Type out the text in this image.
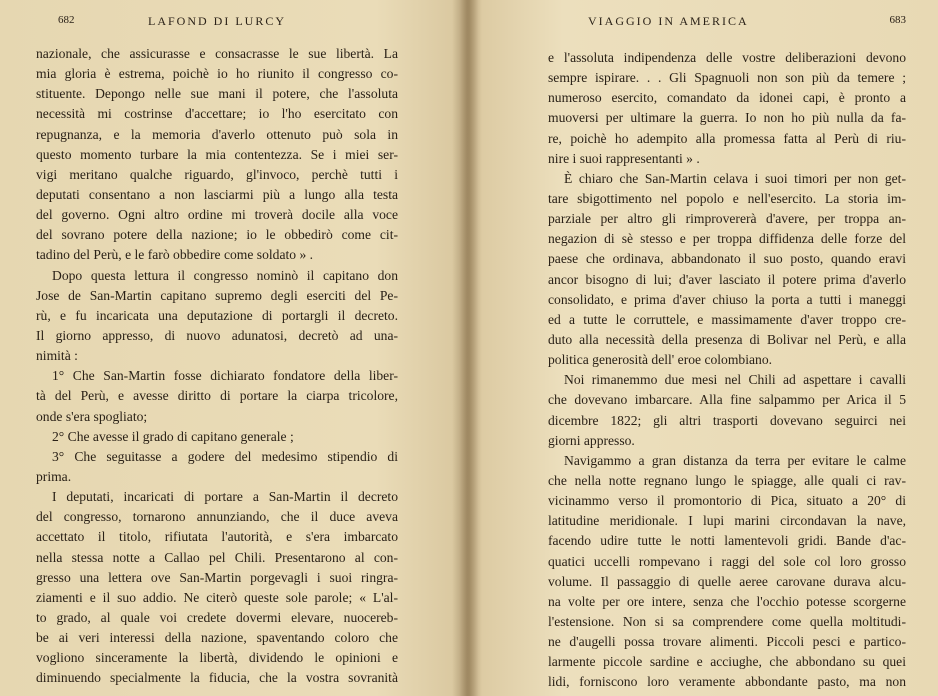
682	LAFOND DI LURCY
nazionale, che assicurasse e consacrasse le sue libertà. La
mia gloria è estrema, poichè io ho riunito il congresso co-
stituente. Depongo nelle sue mani il potere, che l'assoluta
necessità mi costrinse d'accettare; io l'ho esercitato con
repugnanza, e la memoria d'averlo ottenuto può sola in
questo momento turbare la mia contentezza. Se i miei ser-
vigi meritano qualche riguardo, gl'invoco, perchè tutti i
deputati consentano a non lasciarmi più a lungo alla testa
del governo. Ogni altro ordine mi troverà docile alla voce
del sovrano potere della nazione; io le obbedirò come cit-
tadino del Perù, e le farò obbedire come soldato » .
Dopo questa lettura il congresso nominò il capitano don
Jose de San-Martin capitano supremo degli eserciti del Pe-
rù, e fu incaricata una deputazione di portargli il decreto.
Il giorno appresso, di nuovo adunatosi, decretò ad una-
nimità :
1° Che San-Martin fosse dichiarato fondatore della liber-
tà del Perù, e avesse diritto di portare la ciarpa tricolore,
onde s'era spogliato;
2° Che avesse il grado di capitano generale ;
3° Che seguitasse a godere del medesimo stipendio di
prima.
I deputati, incaricati di portare a San-Martin il decreto
del congresso, tornarono annunziando, che il duce aveva
accettato il titolo, rifiutata l'autorità, e s'era imbarcato
nella stessa notte a Callao pel Chili. Presentarono al con-
gresso una lettera ove San-Martin porgevagli i suoi ringra-
ziamenti e il suo addio. Ne citerò queste sole parole; « L'al-
to grado, al quale voi credete dovermi elevare, nuocereb-
be ai veri interessi della nazione, spaventando coloro che
vogliono sinceramente la libertà, dividendo le opinioni e
diminuendo specialmente la fiducia, che la vostra sovranità
VIAGGIO IN AMERICA	683
e l'assoluta indipendenza delle vostre deliberazioni devono
sempre ispirare. . . Gli Spagnuoli non son più da temere ;
numeroso esercito, comandato da idonei capi, è pronto a
muoversi per ultimare la guerra. Io non ho più nulla da fa-
re, poichè ho adempito alla promessa fatta al Perù di riu-
nire i suoi rappresentanti » .
È chiaro che San-Martin celava i suoi timori per non get-
tare sbigottimento nel popolo e nell'esercito. La storia im-
parziale per altro gli rimprovererà d'avere, per troppa an-
negazion di sè stesso e per troppa diffidenza delle forze del
paese che ordinava, abbandonato il suo posto, quando eravi
ancor bisogno di lui; d'aver lasciato il potere prima d'averlo
consolidato, e prima d'aver chiuso la porta a tutti i maneggi
ed a tutte le corruttele, e massimamente d'aver troppo cre-
duto alla necessità della presenza di Bolivar nel Perù, e alla
politica generosità dell' eroe colombiano.
Noi rimanemmo due mesi nel Chili ad aspettare i cavalli
che dovevano imbarcare. Alla fine salpammo per Arica il 5
dicembre 1822; gli altri trasporti dovevano seguirci nei
giorni appresso.
Navigammo a gran distanza da terra per evitare le calme
che nella notte regnano lungo le spiagge, alle quali ci rav-
vicinammo verso il promontorio di Pica, situato a 20° di
latitudine meridionale. I lupi marini circondavan la nave,
facendo udire tutte le notti lamentevoli gridi. Bande d'ac-
quatici uccelli rompevano i raggi del sole col loro grosso
volume. Il passaggio di quelle aeree carovane durava alcu-
na volte per ore intere, senza che l'occhio potesse scorgerne
l'estensione. Non si sa comprendere come quella moltitudi-
ne d'augelli possa trovare alimenti. Piccoli pesci e partico-
larmente piccole sardine e acciughe, che abbondano su quei
lidi, forniscono loro veramente abbondante pasto, ma non
